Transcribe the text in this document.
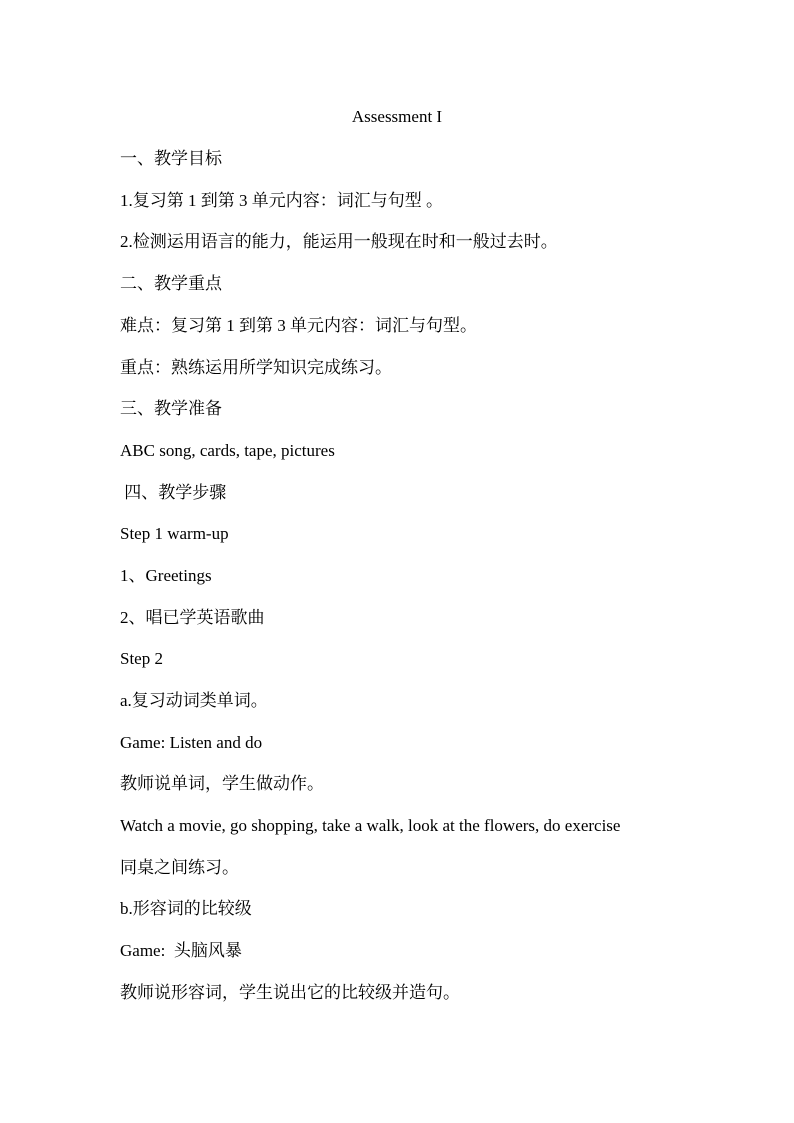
Assessment I
一、教学目标
1.复习第 1 到第 3 单元内容：词汇与句型 。
2.检测运用语言的能力，能运用一般现在时和一般过去时。
二、教学重点
难点：复习第 1 到第 3 单元内容：词汇与句型。
重点：熟练运用所学知识完成练习。
三、教学准备
ABC song, cards, tape, pictures
四、教学步骤
Step 1 warm-up
1、Greetings
2、唱已学英语歌曲
Step 2
a.复习动词类单词。
Game: Listen and do
教师说单词，学生做动作。
Watch a movie, go shopping, take a walk, look at the flowers, do exercise
同桌之间练习。
b.形容词的比较级
Game:  头脑风暴
教师说形容词，学生说出它的比较级并造句。
